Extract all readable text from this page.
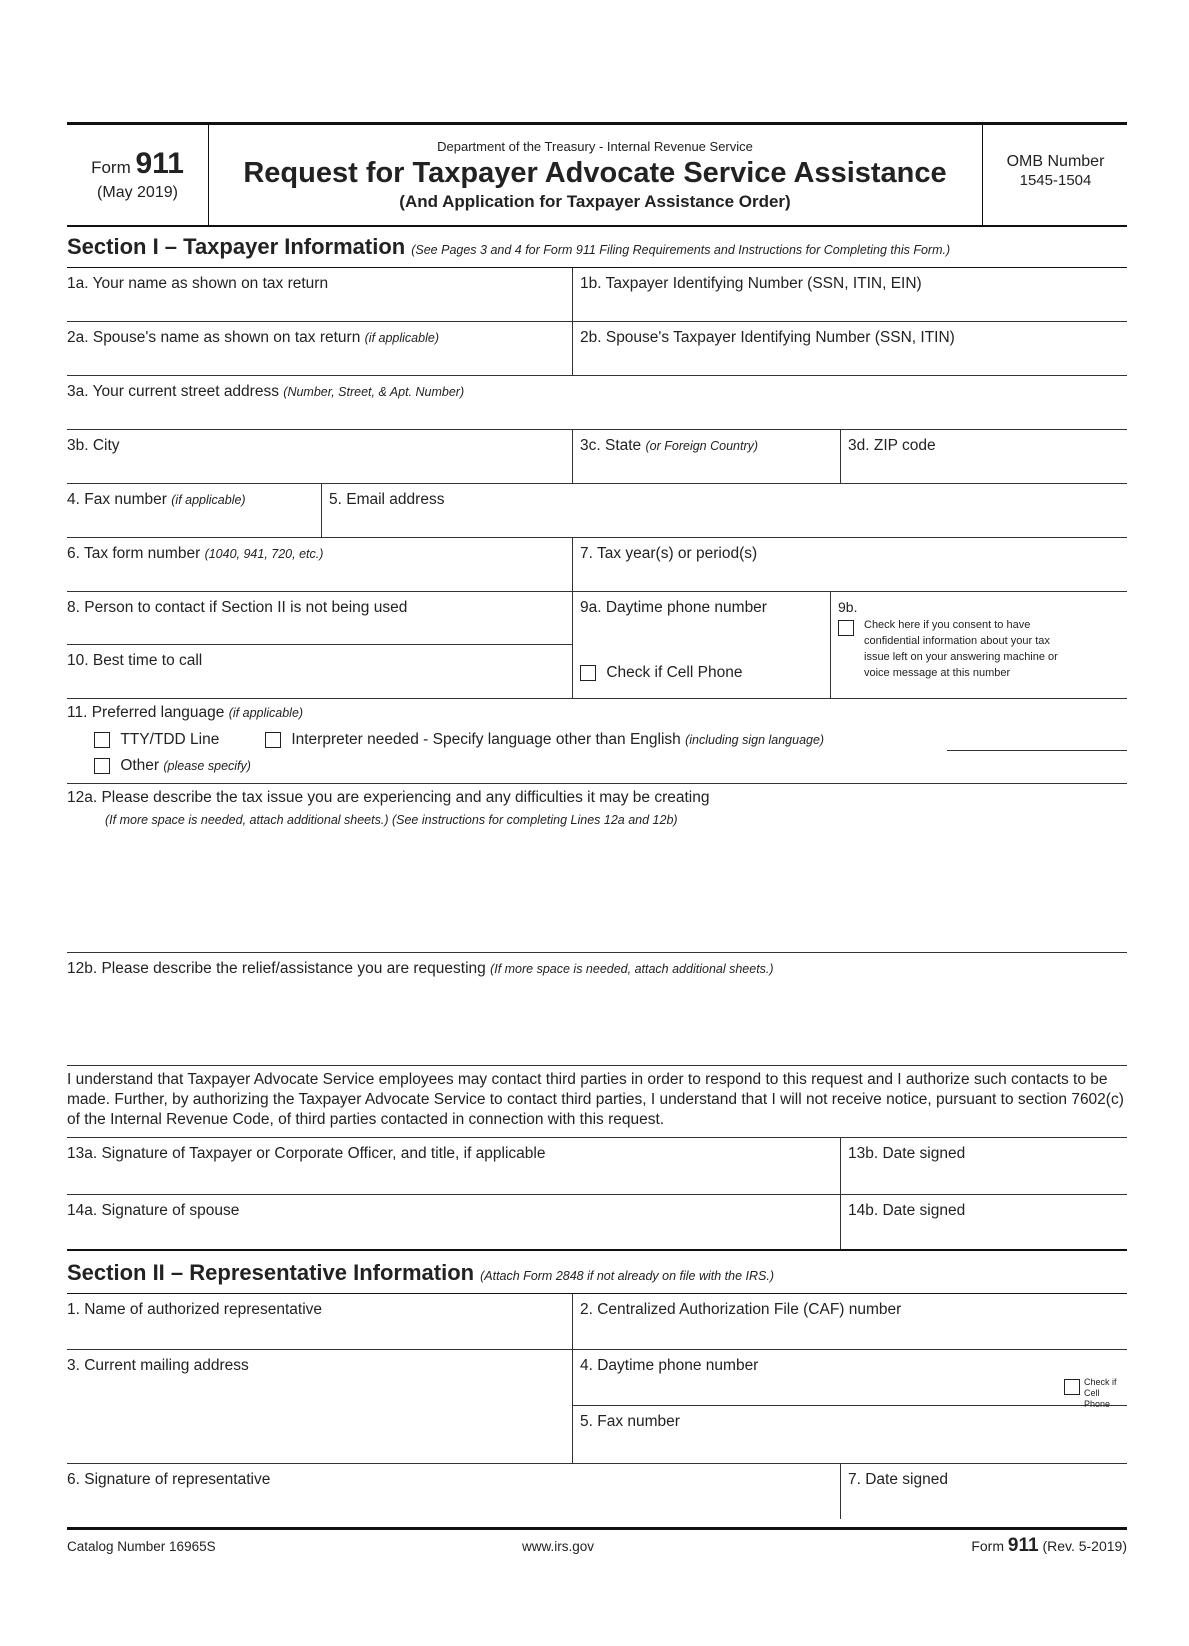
Form 911
(May 2019)
Department of the Treasury - Internal Revenue Service
Request for Taxpayer Advocate Service Assistance
(And Application for Taxpayer Assistance Order)
OMB Number
1545-1504
Section I – Taxpayer Information (See Pages 3 and 4 for Form 911 Filing Requirements and Instructions for Completing this Form.)
1a. Your name as shown on tax return	1b. Taxpayer Identifying Number (SSN, ITIN, EIN)
2a. Spouse's name as shown on tax return (if applicable)	2b. Spouse's Taxpayer Identifying Number (SSN, ITIN)
3a. Your current street address (Number, Street, & Apt. Number)
3b. City	3c. State (or Foreign Country)	3d. ZIP code
4. Fax number (if applicable)	5. Email address
6. Tax form number (1040, 941, 720, etc.)	7. Tax year(s) or period(s)
8. Person to contact if Section II is not being used
10. Best time to call
9a. Daytime phone number
Check if Cell Phone
9b.
Check here if you consent to have confidential information about your tax issue left on your answering machine or voice message at this number
11. Preferred language (if applicable)
TTY/TDD Line	Interpreter needed - Specify language other than English (including sign language)
Other (please specify)
12a. Please describe the tax issue you are experiencing and any difficulties it may be creating
(If more space is needed, attach additional sheets.) (See instructions for completing Lines 12a and 12b)
12b. Please describe the relief/assistance you are requesting (If more space is needed, attach additional sheets.)
I understand that Taxpayer Advocate Service employees may contact third parties in order to respond to this request and I authorize such contacts to be made. Further, by authorizing the Taxpayer Advocate Service to contact third parties, I understand that I will not receive notice, pursuant to section 7602(c) of the Internal Revenue Code, of third parties contacted in connection with this request.
13a. Signature of Taxpayer or Corporate Officer, and title, if applicable	13b. Date signed
14a. Signature of spouse	14b. Date signed
Section II – Representative Information (Attach Form 2848 if not already on file with the IRS.)
1. Name of authorized representative	2. Centralized Authorization File (CAF) number
3. Current mailing address	4. Daytime phone number
Check if
Cell Phone
5. Fax number
6. Signature of representative	7. Date signed
Catalog Number 16965S	www.irs.gov	Form 911 (Rev. 5-2019)
